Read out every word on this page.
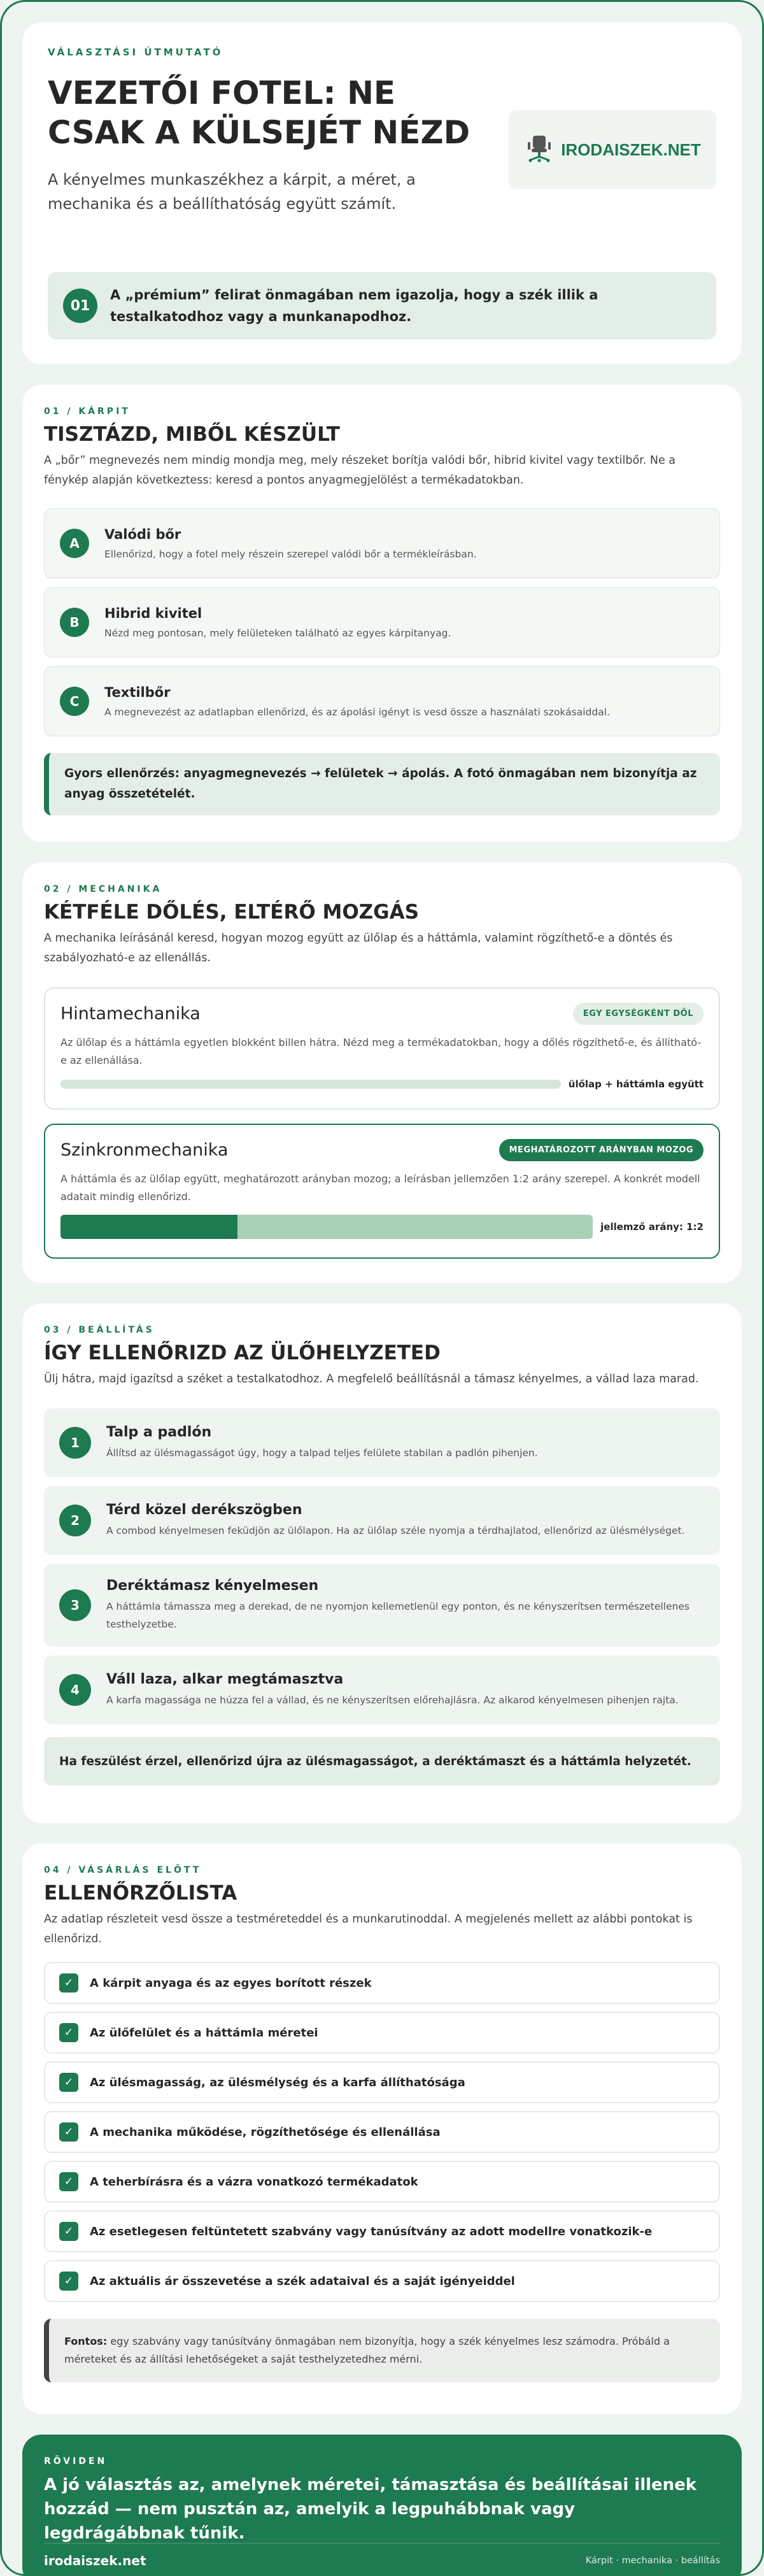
VÁLASZTÁSI ÚTMUTATÓ
VEZETŐI FOTEL: NE CSAK A KÜLSEJÉT NÉZD

A kényelmes munkaszékhez a kárpit, a méret, a mechanika és a beállíthatóság együtt számít.

IRODAISZEK.NET
01
A „prémium” felirat önmagában nem igazolja, hogy a szék illik a testalkatodhoz vagy a munkanapodhoz.
01 / KÁRPIT
TISZTÁZD, MIBŐL KÉSZÜLT

A „bőr” megnevezés nem mindig mondja meg, mely részeket borítja valódi bőr, hibrid kivitel vagy textilbőr. Ne a fénykép alapján következtess: keresd a pontos anyagmegjelölést a termékadatokban.

A
Valódi bőr
Ellenőrizd, hogy a fotel mely részein szerepel valódi bőr a termékleírásban.
B
Hibrid kivitel
Nézd meg pontosan, mely felületeken található az egyes kárpitanyag.
C
Textilbőr
A megnevezést az adatlapban ellenőrizd, és az ápolási igényt is vesd össze a használati szokásaiddal.
Gyors ellenőrzés: anyagmegnevezés → felületek → ápolás. A fotó önmagában nem bizonyítja az anyag összetételét.
02 / MECHANIKA
KÉTFÉLE DŐLÉS, ELTÉRŐ MOZGÁS

A mechanika leírásánál keresd, hogyan mozog együtt az ülőlap és a háttámla, valamint rögzíthető-e a döntés és szabályozható-e az ellenállás.

Hintamechanika	EGY EGYSÉGKÉNT DŐL

Az ülőlap és a háttámla egyetlen blokként billen hátra. Nézd meg a termékadatokban, hogy a dőlés rögzíthető-e, és állítható-e az ellenállása.

ülőlap + háttámla együtt
Szinkronmechanika	MEGHATÁROZOTT ARÁNYBAN MOZOG

A háttámla és az ülőlap együtt, meghatározott arányban mozog; a leírásban jellemzően 1:2 arány szerepel. A konkrét modell adatait mindig ellenőrizd.

jellemző arány: 1:2
03 / BEÁLLÍTÁS
ÍGY ELLENŐRIZD AZ ÜLŐHELYZETED

Ülj hátra, majd igazítsd a széket a testalkatodhoz. A megfelelő beállításnál a támasz kényelmes, a vállad laza marad.

1
Talp a padlón
Állítsd az ülésmagasságot úgy, hogy a talpad teljes felülete stabilan a padlón pihenjen.
2
Térd közel derékszögben
A combod kényelmesen feküdjön az ülőlapon. Ha az ülőlap széle nyomja a térdhajlatod, ellenőrizd az ülésmélységet.
3
Deréktámasz kényelmesen
A háttámla támassza meg a derekad, de ne nyomjon kellemetlenül egy ponton, és ne kényszerítsen természetellenes testhelyzetbe.
4
Váll laza, alkar megtámasztva
A karfa magassága ne húzza fel a vállad, és ne kényszerítsen előrehajlásra. Az alkarod kényelmesen pihenjen rajta.
Ha feszülést érzel, ellenőrizd újra az ülésmagasságot, a deréktámaszt és a háttámla helyzetét.
04 / VÁSÁRLÁS ELŐTT
ELLENŐRZŐLISTA

Az adatlap részleteit vesd össze a testméreteddel és a munkarutinoddal. A megjelenés mellett az alábbi pontokat is ellenőrizd.

✓	A kárpit anyaga és az egyes borított részek
✓	Az ülőfelület és a háttámla méretei
✓	Az ülésmagasság, az ülésmélység és a karfa állíthatósága
✓	A mechanika működése, rögzíthetősége és ellenállása
✓	A teherbírásra és a vázra vonatkozó termékadatok
✓	Az esetlegesen feltüntetett szabvány vagy tanúsítvány az adott modellre vonatkozik-e
✓	Az aktuális ár összevetése a szék adataival és a saját igényeiddel

Fontos: egy szabvány vagy tanúsítvány önmagában nem bizonyítja, hogy a szék kényelmes lesz számodra. Próbáld a méreteket és az állítási lehetőségeket a saját testhelyzetedhez mérni.

RÖVIDEN
A jó választás az, amelynek méretei, támasztása és beállításai illenek hozzád — nem pusztán az, amelyik a legpuhábbnak vagy legdrágábbnak tűnik.
irodaiszek.net	Kárpit · mechanika · beállítás
